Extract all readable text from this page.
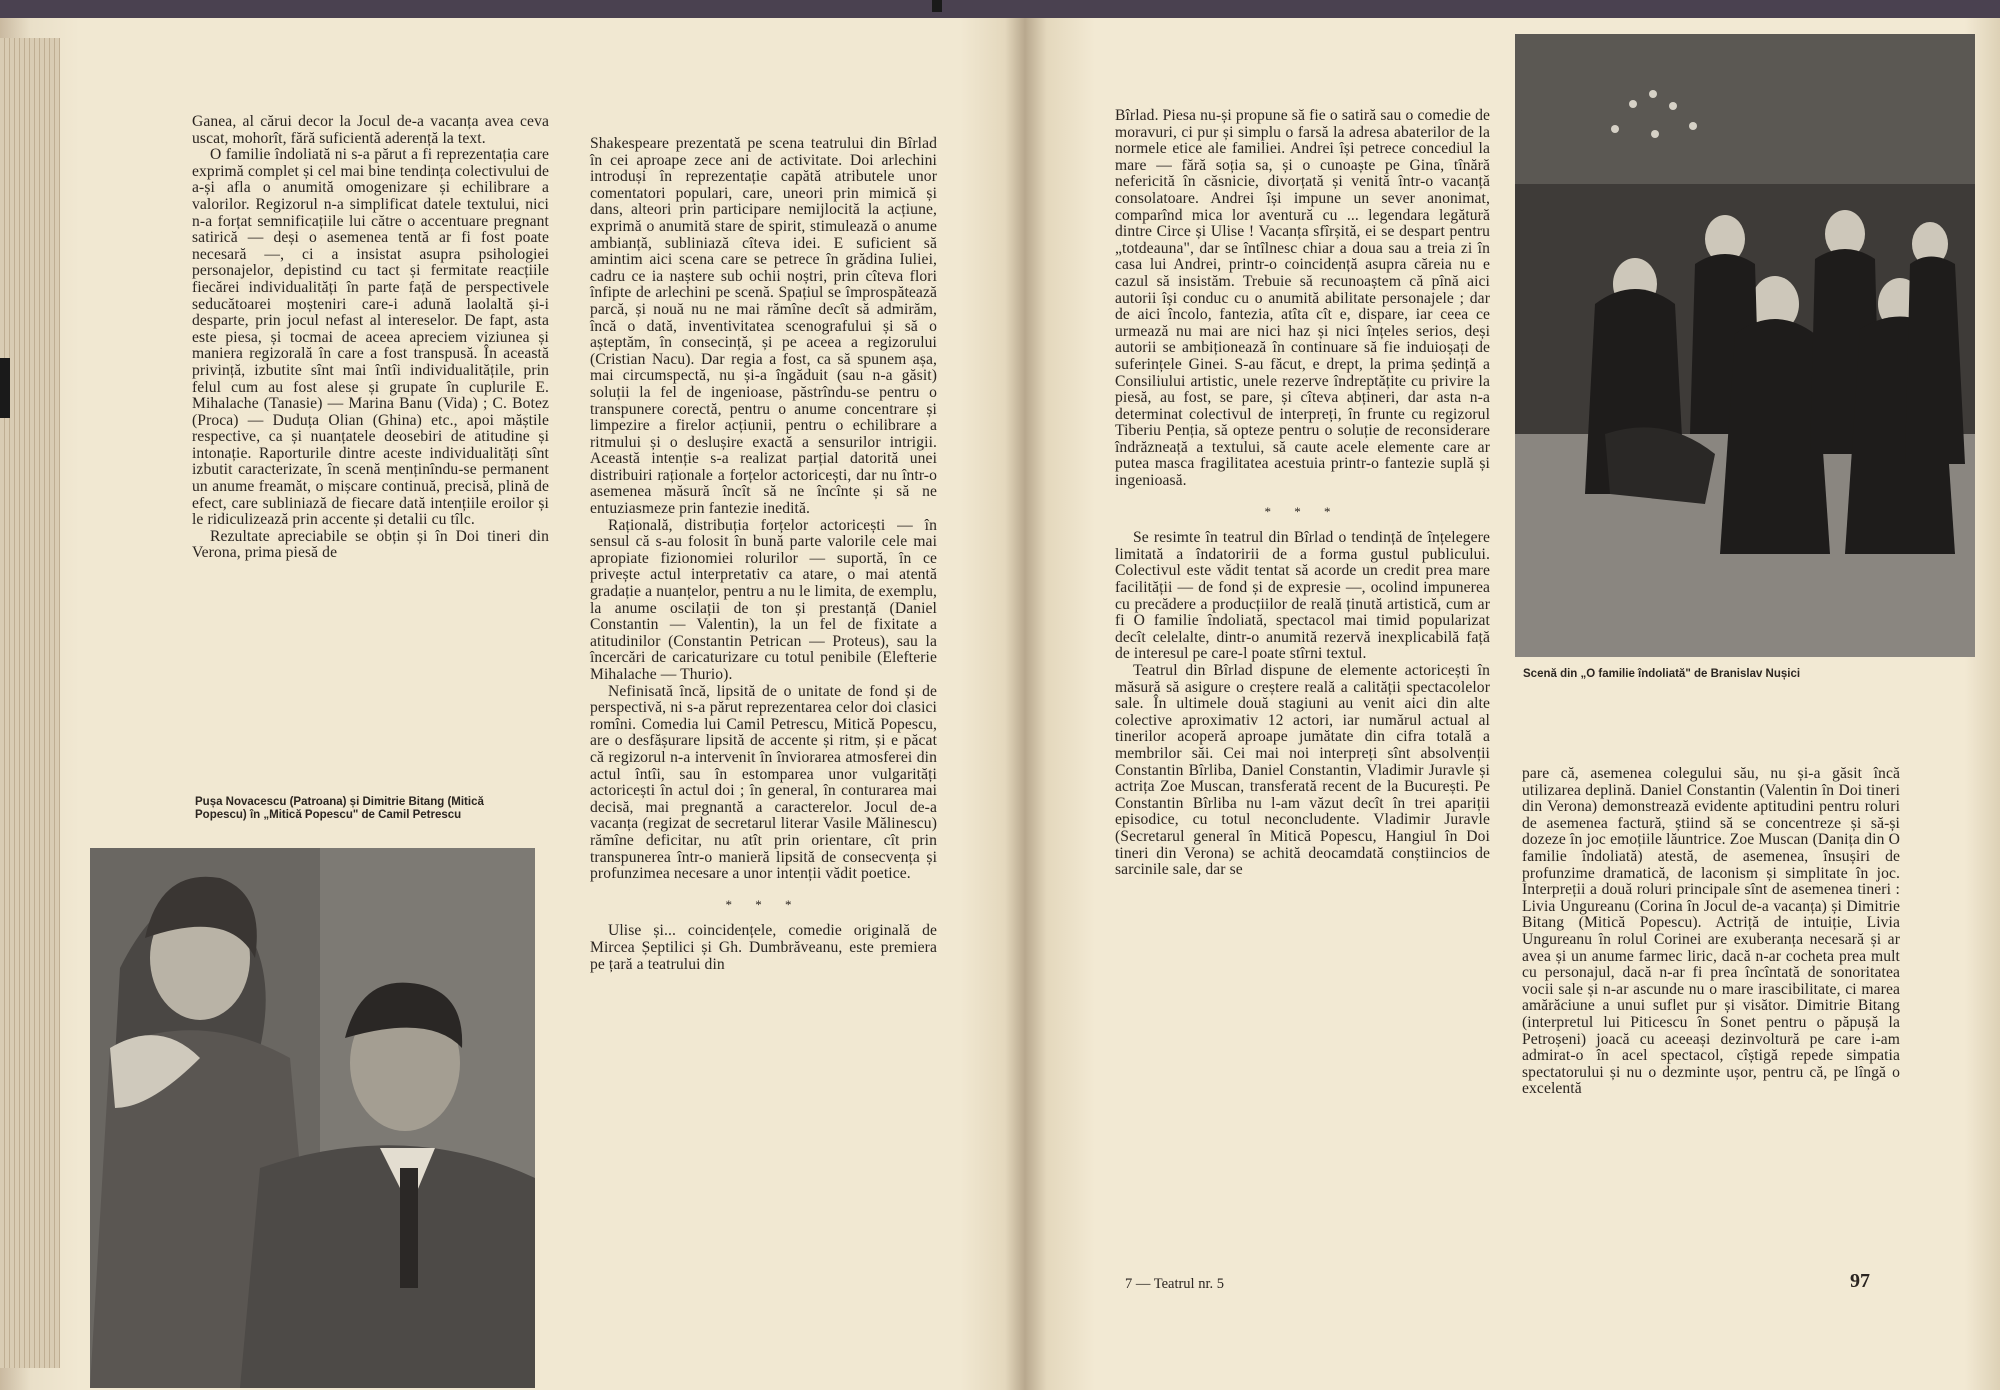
Ganea, al cărui decor la Jocul de-a vacanța avea ceva uscat, mohorît, fără suficientă aderență la text.

O familie îndoliată ni s-a părut a fi reprezentația care exprimă complet și cel mai bine tendința colectivului de a-și afla o anumită omogenizare și echilibrare a valorilor. Regizorul n-a simplificat datele textului, nici n-a forțat semnificațiile lui către o accentuare pregnant satirică — deși o asemenea tentă ar fi fost poate necesară —, ci a insistat asupra psihologiei personajelor, depistind cu tact și fermitate reacțiile fiecărei individualități în parte față de perspectivele seducătoarei moșteniri care-i adună laolaltă și-i desparte, prin jocul nefast al intereselor. De fapt, asta este piesa, și tocmai de aceea apreciem viziunea și maniera regizorală în care a fost transpusă. În această privință, izbutite sînt mai întîi individualitățile, prin felul cum au fost alese și grupate în cuplurile E. Mihalache (Tanasie) — Marina Banu (Vida) ; C. Botez (Proca) — Duduța Olian (Ghina) etc., apoi măștile respective, ca și nuanțatele deosebiri de atitudine și intonație. Raporturile dintre aceste individualități sînt izbutit caracterizate, în scenă menținîndu-se permanent un anume freamăt, o mișcare continuă, precisă, plină de efect, care subliniază de fiecare dată intențiile eroilor și le ridiculizează prin accente și detalii cu tîlc.

Rezultate apreciabile se obțin și în Doi tineri din Verona, prima piesă de

Pușa Novacescu (Patroana) și Dimitrie Bitang (Mitică Popescu) în „Mitică Popescu" de Camil Petrescu

Shakespeare prezentată pe scena teatrului din Bîrlad în cei aproape zece ani de activitate. Doi arlechini introduși în reprezentație capătă atributele unor comentatori populari, care, uneori prin mimică și dans, alteori prin participare nemijlocită la acțiune, exprimă o anumită stare de spirit, stimulează o anume ambianță, subliniază cîteva idei. E suficient să amintim aici scena care se petrece în grădina Iuliei, cadru ce ia naștere sub ochii noștri, prin cîteva flori înfipte de arlechini pe scenă. Spațiul se împrospătează parcă, și nouă nu ne mai rămîne decît să admirăm, încă o dată, inventivitatea scenografului și să o așteptăm, în consecință, și pe aceea a regizorului (Cristian Nacu). Dar regia a fost, ca să spunem așa, mai circumspectă, nu și-a îngăduit (sau n-a găsit) soluții la fel de ingenioase, păstrîndu-se pentru o transpunere corectă, pentru o anume concentrare și limpezire a firelor acțiunii, pentru o echilibrare a ritmului și o deslușire exactă a sensurilor intrigii. Această intenție s-a realizat parțial datorită unei distribuiri raționale a forțelor actoricești, dar nu într-o asemenea măsură încît să ne încînte și să ne entuziasmeze prin fantezie inedită.

Rațională, distribuția forțelor actoricești — în sensul că s-au folosit în bună parte valorile cele mai apropiate fizionomiei rolurilor — suportă, în ce privește actul interpretativ ca atare, o mai atentă gradație a nuanțelor, pentru a nu le limita, de exemplu, la anume oscilații de ton și prestanță (Daniel Constantin — Valentin), la un fel de fixitate a atitudinilor (Constantin Petrican — Proteus), sau la încercări de caricaturizare cu totul penibile (Elefterie Mihalache — Thurio).

Nefinisată încă, lipsită de o unitate de fond și de perspectivă, ni s-a părut reprezentarea celor doi clasici romîni. Comedia lui Camil Petrescu, Mitică Popescu, are o desfășurare lipsită de accente și ritm, și e păcat că regizorul n-a intervenit în înviorarea atmosferei din actul întîi, sau în estomparea unor vulgarități actoricești în actul doi ; în general, în conturarea mai decisă, mai pregnantă a caracterelor. Jocul de-a vacanța (regizat de secretarul literar Vasile Mălinescu) rămîne deficitar, nu atît prin orientare, cît prin transpunerea într-o manieră lipsită de consecvența și profunzimea necesare a unor intenții vădit poetice.

* * *

Ulise și... coincidențele, comedie originală de Mircea Șeptilici și Gh. Dumbrăveanu, este premiera pe țară a teatrului din

Bîrlad. Piesa nu-și propune să fie o satiră sau o comedie de moravuri, ci pur și simplu o farsă la adresa abaterilor de la normele etice ale familiei. Andrei își petrece concediul la mare — fără soția sa, și o cunoaște pe Gina, tînără nefericită în căsnicie, divorțată și venită într-o vacanță consolatoare. Andrei își impune un sever anonimat, comparînd mica lor aventură cu ... legendara legătură dintre Circe și Ulise ! Vacanța sfîrșită, ei se despart pentru „totdeauna", dar se întîlnesc chiar a doua sau a treia zi în casa lui Andrei, printr-o coincidență asupra căreia nu e cazul să insistăm. Trebuie să recunoaștem că pînă aici autorii își conduc cu o anumită abilitate personajele ; dar de aici încolo, fantezia, atîta cît e, dispare, iar ceea ce urmează nu mai are nici haz și nici înțeles serios, deși autorii se ambiționează în continuare să fie induioșați de suferințele Ginei. S-au făcut, e drept, la prima ședință a Consiliului artistic, unele rezerve îndreptățite cu privire la piesă, au fost, se pare, și cîteva abțineri, dar asta n-a determinat colectivul de interpreți, în frunte cu regizorul Tiberiu Penția, să opteze pentru o soluție de reconsiderare îndrăzneață a textului, să caute acele elemente care ar putea masca fragilitatea acestuia printr-o fantezie suplă și ingenioasă.

* * *

Se resimte în teatrul din Bîrlad o tendință de înțelegere limitată a îndatoririi de a forma gustul publicului. Colectivul este vădit tentat să acorde un credit prea mare facilității — de fond și de expresie —, ocolind impunerea cu precădere a producțiilor de reală ținută artistică, cum ar fi O familie îndoliată, spectacol mai timid popularizat decît celelalte, dintr-o anumită rezervă inexplicabilă față de interesul pe care-l poate stîrni textul.

Teatrul din Bîrlad dispune de elemente actoricești în măsură să asigure o creștere reală a calității spectacolelor sale. În ultimele două stagiuni au venit aici din alte colective aproximativ 12 actori, iar numărul actual al tinerilor acoperă aproape jumătate din cifra totală a membrilor săi. Cei mai noi interpreți sînt absolvenții Constantin Bîrliba, Daniel Constantin, Vladimir Juravle și actrița Zoe Muscan, transferată recent de la București. Pe Constantin Bîrliba nu l-am văzut decît în trei apariții episodice, cu totul neconcludente. Vladimir Juravle (Secretarul general în Mitică Popescu, Hangiul în Doi tineri din Verona) se achită deocamdată conștiincios de sarcinile sale, dar se

Scenă din „O familie îndoliată" de Branislav Nușici

pare că, asemenea colegului său, nu și-a găsit încă utilizarea deplină. Daniel Constantin (Valentin în Doi tineri din Verona) demonstrează evidente aptitudini pentru roluri de asemenea factură, știind să se concentreze și să-și dozeze în joc emoțiile lăuntrice. Zoe Muscan (Danița din O familie îndoliată) atestă, de asemenea, însușiri de profunzime dramatică, de laconism și simplitate în joc. Interpreții a două roluri principale sînt de asemenea tineri : Livia Ungureanu (Corina în Jocul de-a vacanța) și Dimitrie Bitang (Mitică Popescu). Actriță de intuiție, Livia Ungureanu în rolul Corinei are exuberanța necesară și ar avea și un anume farmec liric, dacă n-ar cocheta prea mult cu personajul, dacă n-ar fi prea încîntată de sonoritatea vocii sale și n-ar ascunde nu o mare irascibilitate, ci marea amărăciune a unui suflet pur și visător. Dimitrie Bitang (interpretul lui Piticescu în Sonet pentru o păpușă la Petroșeni) joacă cu aceeași dezinvoltură pe care i-am admirat-o în acel spectacol, cîștigă repede simpatia spectatorului și nu o dezminte ușor, pentru că, pe lîngă o excelentă

7 — Teatrul nr. 5	97
